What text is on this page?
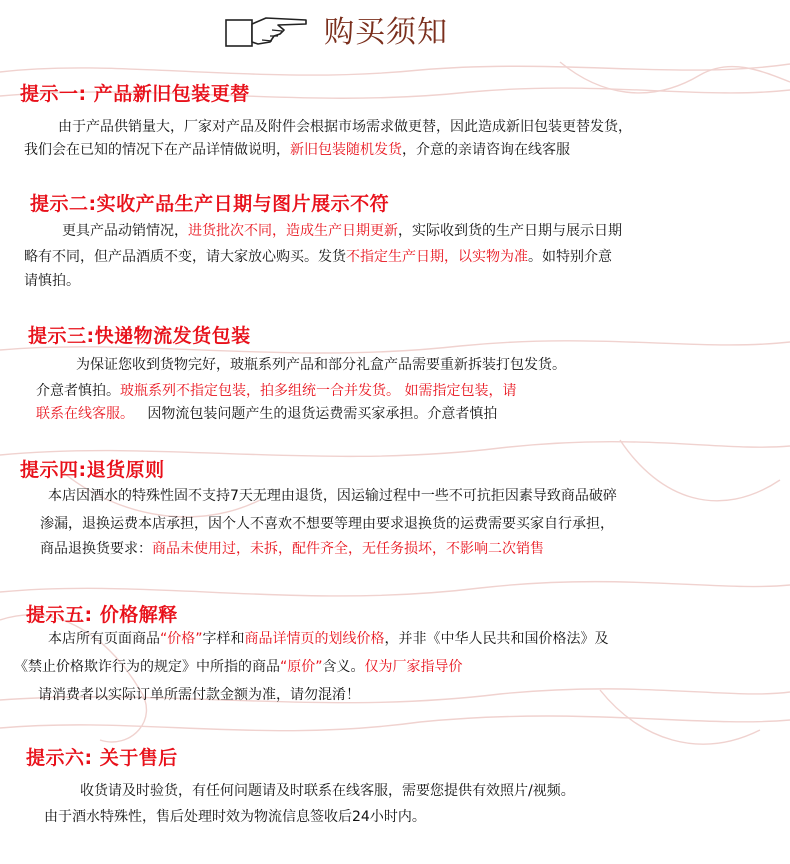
购买须知
提示一: 产品新旧包装更替
由于产品供销量大，厂家对产品及附件会根据市场需求做更替，因此造成新旧包装更替发货，
我们会在已知的情况下在产品详情做说明，新旧包装随机发货，介意的亲请咨询在线客服
提示二:实收产品生产日期与图片展示不符
更具产品动销情况，进货批次不同，造成生产日期更新，实际收到货的生产日期与展示日期
略有不同，但产品酒质不变，请大家放心购买。发货不指定生产日期，以实物为准。如特别介意
请慎拍。
提示三:快递物流发货包装
为保证您收到货物完好，玻瓶系列产品和部分礼盒产品需要重新拆装打包发货。
介意者慎拍。玻瓶系列不指定包装，拍多组统一合并发货。 如需指定包装，请
联系在线客服。   因物流包装问题产生的退货运费需买家承担。介意者慎拍
提示四:退货原则
本店因酒水的特殊性固不支持7天无理由退货，因运输过程中一些不可抗拒因素导致商品破碎
渗漏，退换运费本店承担，因个人不喜欢不想要等理由要求退换货的运费需要买家自行承担，
商品退换货要求：商品未使用过，未拆，配件齐全，无任务损坏，不影响二次销售
提示五: 价格解释
本店所有页面商品“价格”字样和商品详情页的划线价格，并非《中华人民共和国价格法》及
《禁止价格欺诈行为的规定》中所指的商品“原价”含义。仅为厂家指导价
请消费者以实际订单所需付款金额为准，请勿混淆！
提示六: 关于售后
收货请及时验货，有任何问题请及时联系在线客服，需要您提供有效照片/视频。
由于酒水特殊性，售后处理时效为物流信息签收后24小时内。
